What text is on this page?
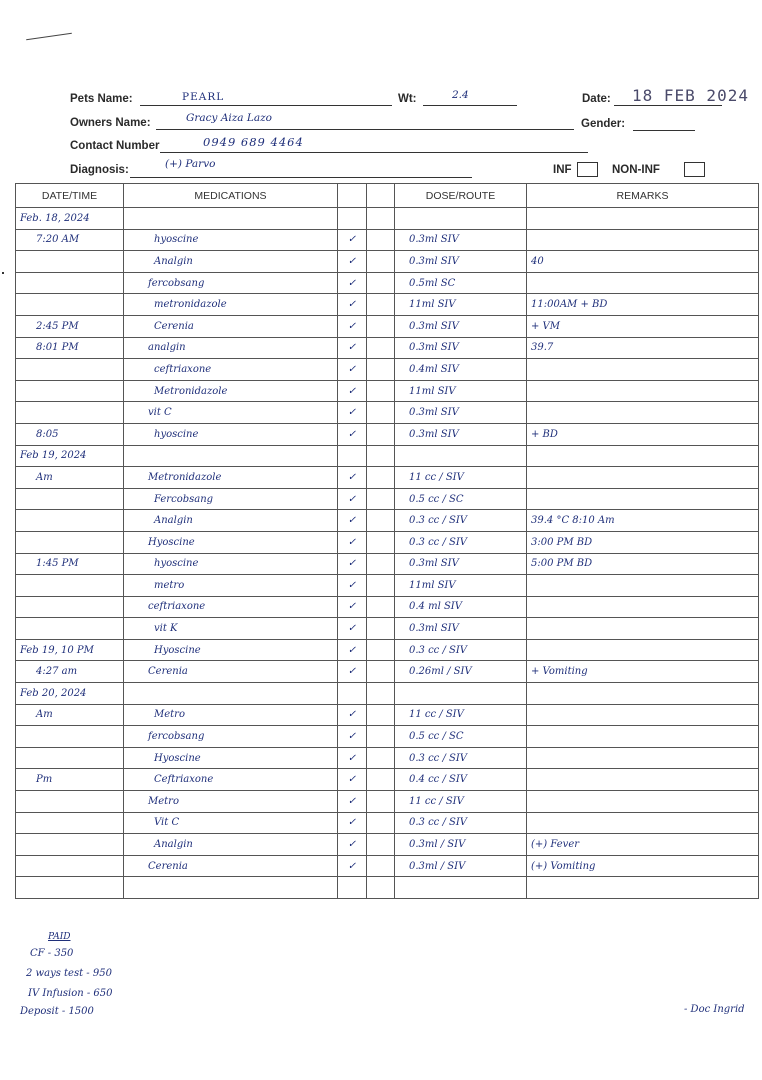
Pets Name:	PEARL	Wt:	2.4	Date: 18 FEB 2024
Owners Name:	Gracy Aiza Lazo	Gender:
Contact Number	0949 689 4464
Diagnosis:	(+) Parvo	INF	NON-INF
DATE/TIME	MEDICATIONS			DOSE/ROUTE	REMARKS
Feb. 18, 2024					
7:20 AM	hyoscine	✓		0.3ml SIV	
	Analgin	✓		0.3ml SIV	40
	fercobsang	✓		0.5ml SC	
	metronidazole	✓		11ml SIV	11:00AM + BD
2:45 PM	Cerenia	✓		0.3ml SIV	+ VM
8:01 PM	analgin	✓		0.3ml SIV	39.7
	ceftriaxone	✓		0.4ml SIV	
	Metronidazole	✓		11ml SIV	
	vit C	✓		0.3ml SIV	
8:05	hyoscine	✓		0.3ml SIV	+ BD
Feb 19, 2024					
Am	Metronidazole	✓		11 cc / SIV	
	Fercobsang	✓		0.5 cc / SC	
	Analgin	✓		0.3 cc / SIV	39.4 °C 8:10 Am
	Hyoscine	✓		0.3 cc / SIV	3:00 PM BD
1:45 PM	hyoscine	✓		0.3ml SIV	5:00 PM BD
	metro	✓		11ml SIV	
	ceftriaxone	✓		0.4 ml SIV	
	vit K	✓		0.3ml SIV	
Feb 19, 10 PM	Hyoscine	✓		0.3 cc / SIV	
4:27 am	Cerenia	✓		0.26ml / SIV	+ Vomiting
Feb 20, 2024					
Am	Metro	✓		11 cc / SIV	
	fercobsang	✓		0.5 cc / SC	
	Hyoscine	✓		0.3 cc / SIV	
Pm	Ceftriaxone	✓		0.4 cc / SIV	
	Metro	✓		11 cc / SIV	
	Vit C	✓		0.3 cc / SIV	
	Analgin	✓		0.3ml / SIV	(+) Fever
	Cerenia	✓		0.3ml / SIV	(+) Vomiting

PAID
CF - 350
2 ways test - 950
IV Infusion - 650
Deposit - 1500	- Doc Ingrid
